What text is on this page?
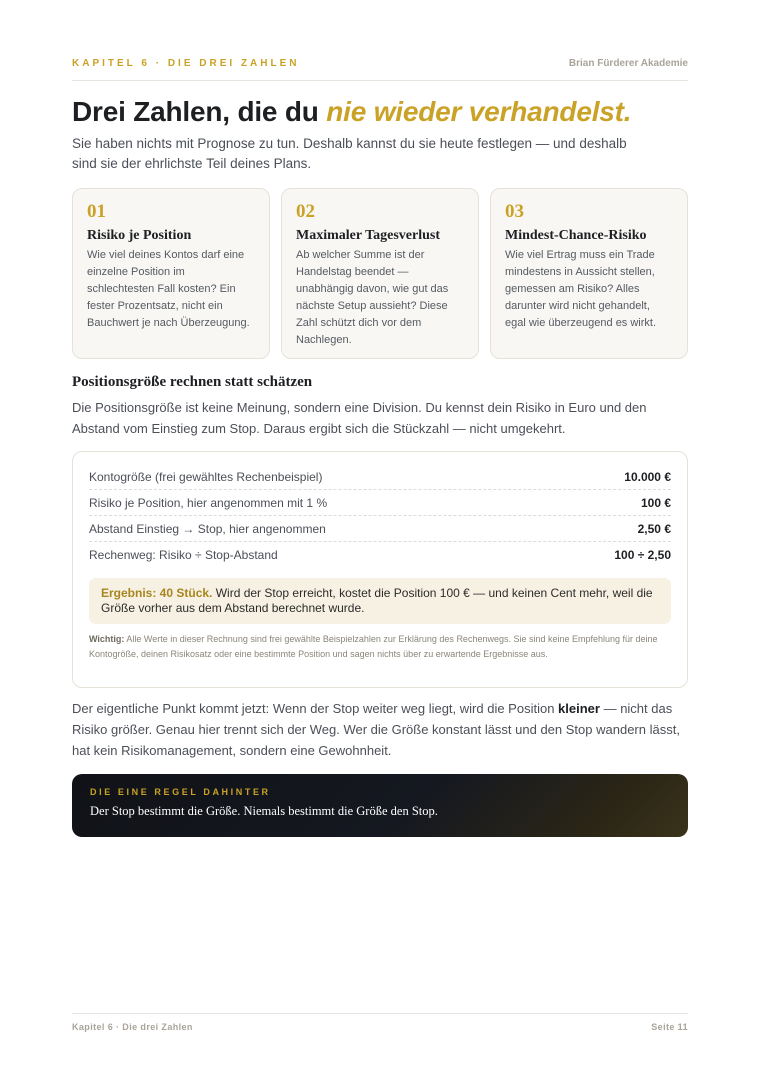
KAPITEL 6 · DIE DREI ZAHLEN	Brian Fürderer Akademie
Drei Zahlen, die du nie wieder verhandelst.

Sie haben nichts mit Prognose zu tun. Deshalb kannst du sie heute festlegen — und deshalb sind sie der ehrlichste Teil deines Plans.

01
Risiko je Position
Wie viel deines Kontos darf eine einzelne Position im schlechtesten Fall kosten? Ein fester Prozentsatz, nicht ein Bauchwert je nach Überzeugung.
02
Maximaler Tagesverlust
Ab welcher Summe ist der Handelstag beendet — unabhängig davon, wie gut das nächste Setup aussieht? Diese Zahl schützt dich vor dem Nachlegen.
03
Mindest-Chance-Risiko
Wie viel Ertrag muss ein Trade mindestens in Aussicht stellen, gemessen am Risiko? Alles darunter wird nicht gehandelt, egal wie überzeugend es wirkt.
Positionsgröße rechnen statt schätzen

Die Positionsgröße ist keine Meinung, sondern eine Division. Du kennst dein Risiko in Euro und den Abstand vom Einstieg zum Stop. Daraus ergibt sich die Stückzahl — nicht umgekehrt.

Kontogröße (frei gewähltes Rechenbeispiel)	10.000 €
Risiko je Position, hier angenommen mit 1 %	100 €
Abstand Einstieg → Stop, hier angenommen	2,50 €
Rechenweg: Risiko ÷ Stop-Abstand	100 ÷ 2,50
Ergebnis: 40 Stück. Wird der Stop erreicht, kostet die Position 100 € — und keinen Cent mehr, weil die Größe vorher aus dem Abstand berechnet wurde.
Wichtig: Alle Werte in dieser Rechnung sind frei gewählte Beispielzahlen zur Erklärung des Rechenwegs. Sie sind keine Empfehlung für deine Kontogröße, deinen Risikosatz oder eine bestimmte Position und sagen nichts über zu erwartende Ergebnisse aus.

Der eigentliche Punkt kommt jetzt: Wenn der Stop weiter weg liegt, wird die Position kleiner — nicht das Risiko größer. Genau hier trennt sich der Weg. Wer die Größe konstant lässt und den Stop wandern lässt, hat kein Risikomanagement, sondern eine Gewohnheit.

DIE EINE REGEL DAHINTER
Der Stop bestimmt die Größe. Niemals bestimmt die Größe den Stop.
Kapitel 6 · Die drei Zahlen	Seite 11
